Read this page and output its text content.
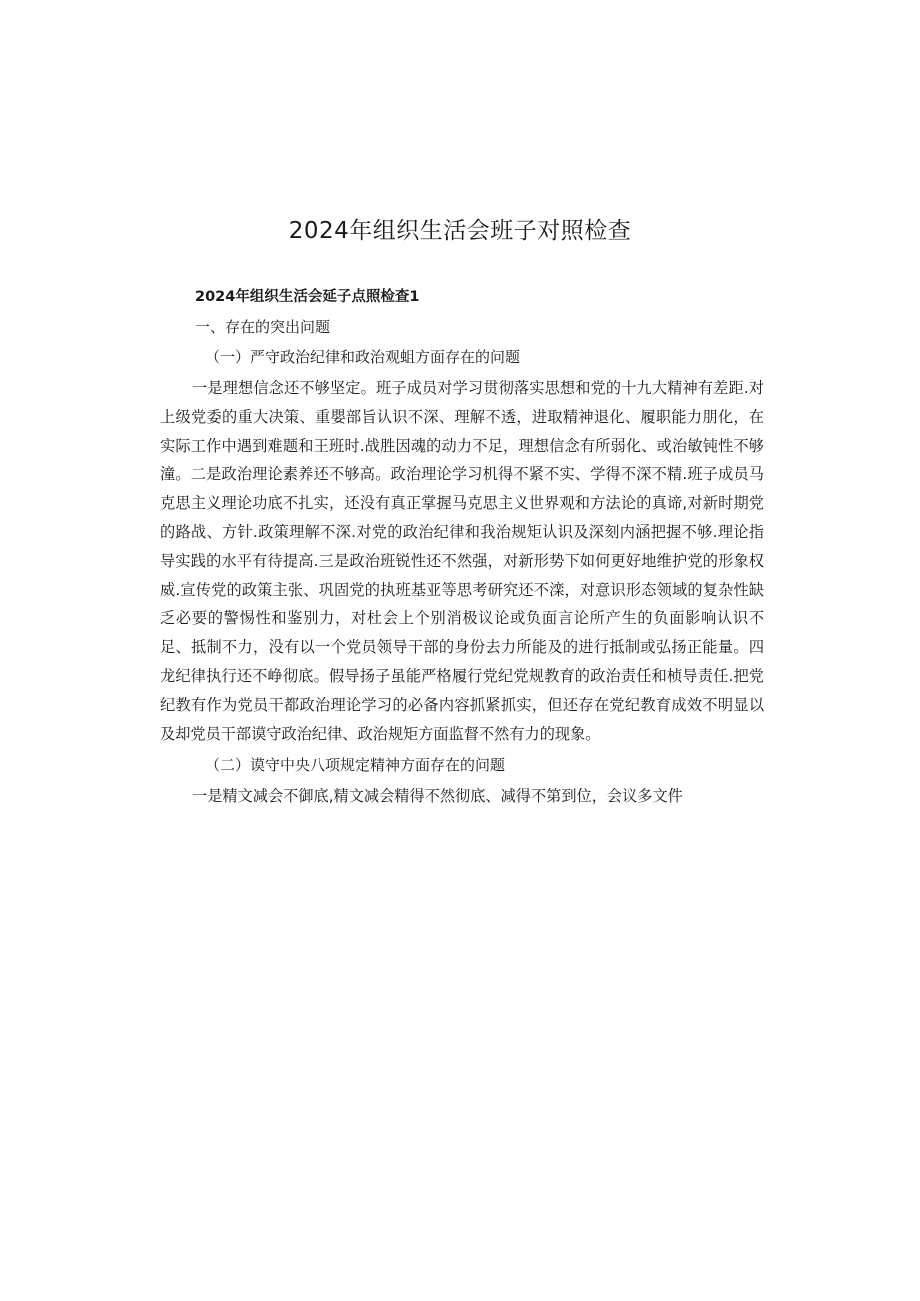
2024年组织生活会班子对照检查

2024年组织生活会延子点照检查1

一、存在的突出问题

（一）严守政治纪律和政治观蛆方面存在的问题

一是理想信念还不够坚定。班子成员对学习贯彻落实思想和党的十九大精神有差距.对上级党委的重大决策、重嬰部旨认识不深、理解不透，进取精神退化、履职能力朋化，在实际工作中遇到难题和王班时.战胜因魂的动力不足，理想信念有所弱化、或治敏钝性不够潼。二是政治理论素养还不够高。政治理论学习机得不紧不实、学得不深不精.班子成员马克思主义理论功底不扎实，还没有真正掌握马克思主义世界观和方法论的真谛,对新时期党的路战、方针.政策理解不深.对党的政治纪律和我治规矩认识及深刻内涵把握不够.理论指导实践的水平有待提高.三是政治班锐性还不然强，对新形势下如何更好地维护党的形象权威.宣传党的政策主张、巩固党的执班基亚等思考研究还不滦，对意识形态领域的复杂性缺乏必要的警惕性和鉴别力，对杜会上个别消极议论或负面言论所产生的负面影响认识不足、抵制不力，没有以一个党员领导干部的身份去力所能及的进行抵制或弘扬正能量。四龙纪律执行还不峥彻底。假导扬子虽能严格履行党纪党规教育的政治责任和桢导责任.把党纪教有作为党员干都政治理论学习的必备内容抓紧抓实，但还存在党纪教育成效不明显以及却党员干部谟守政治纪律、政治规矩方面监督不然有力的现象。

（二）谟守中央八项规定精神方面存在的问题

一是精文减会不御底,精文减会精得不然彻底、减得不第到位，会议多文件
